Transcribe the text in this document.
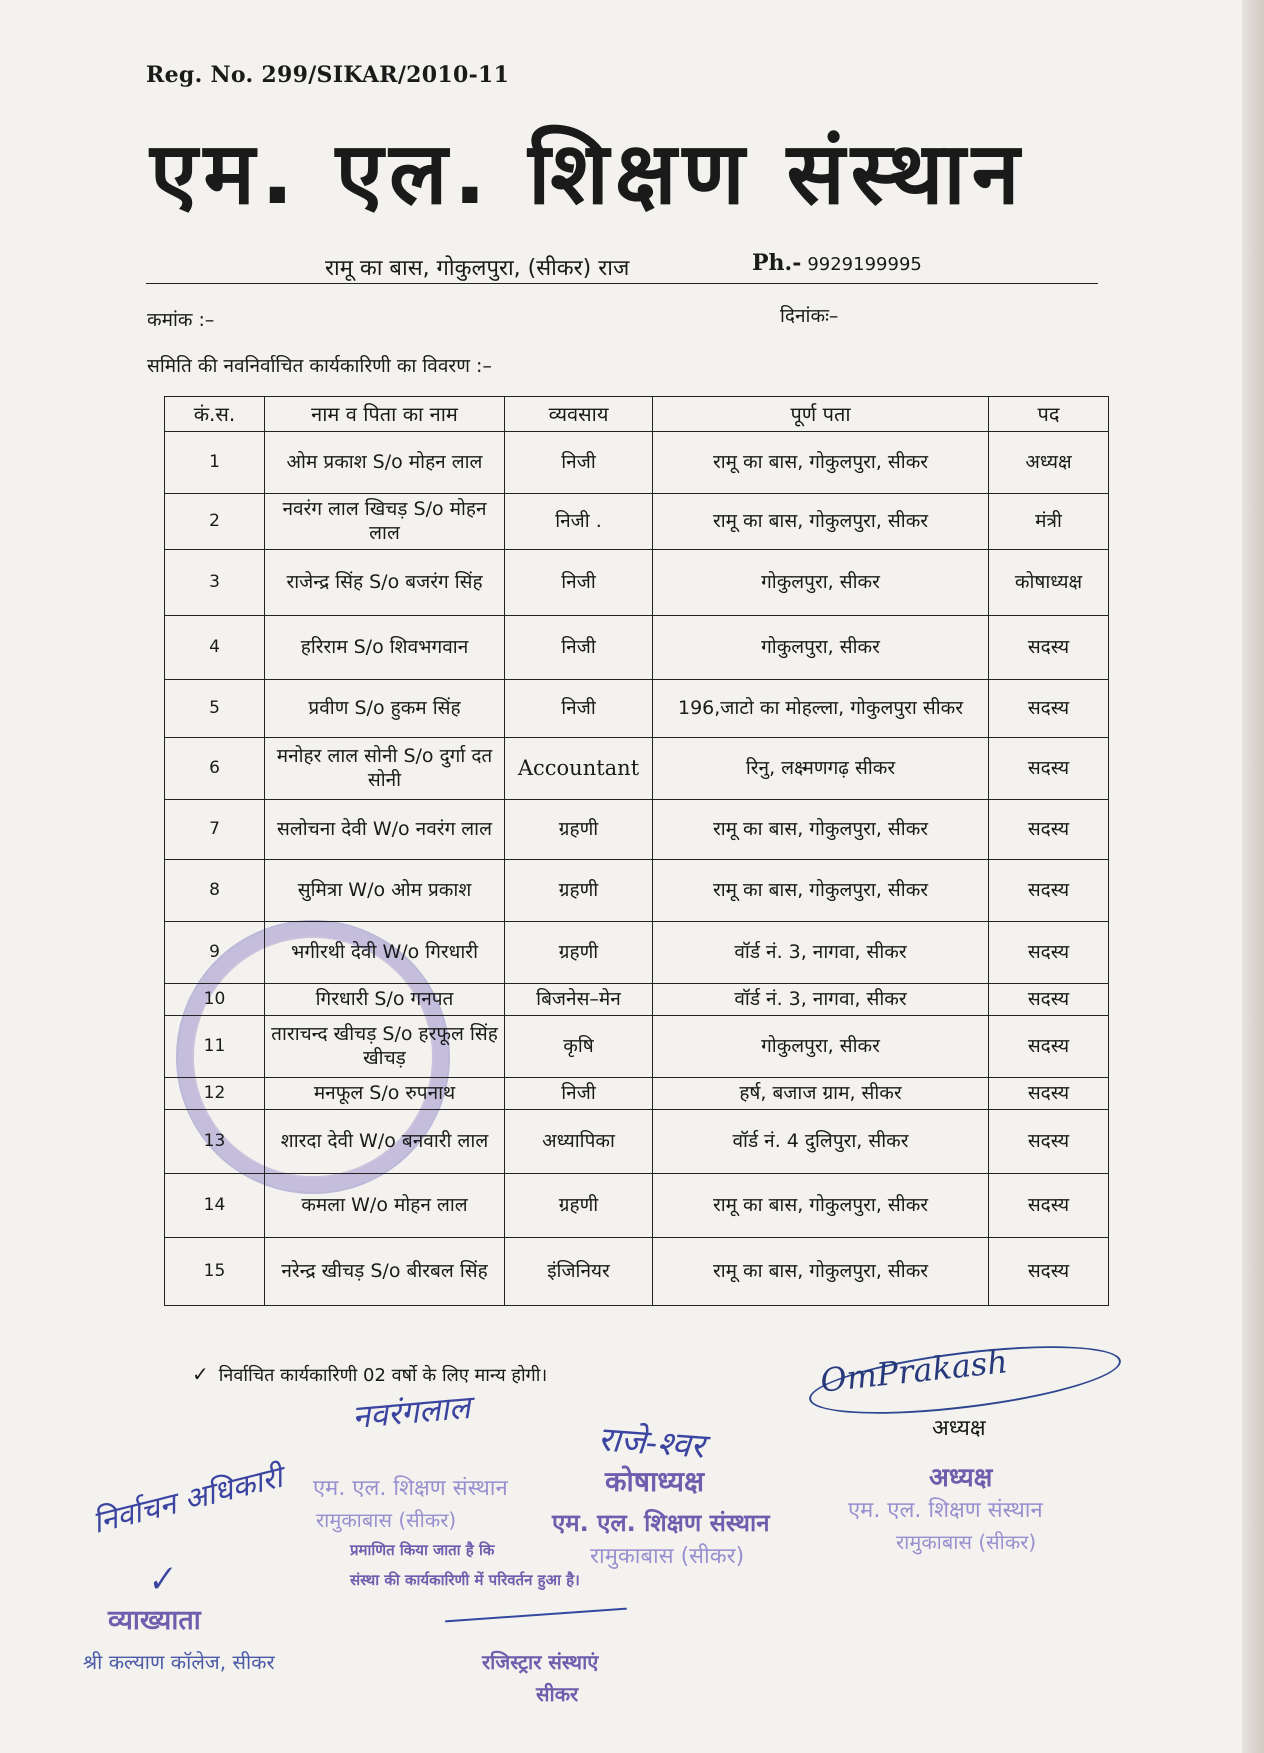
Reg. No. 299/SIKAR/2010-11
एम. एल. शिक्षण संस्थान
रामू का बास, गोकुलपुरा, (सीकर) राज	Ph.- 9929199995
कमांक :–	दिनांकः–
समिति की नवनिर्वाचित कार्यकारिणी का विवरण :–
कं.स.	नाम व पिता का नाम	व्यवसाय	पूर्ण पता	पद
1	ओम प्रकाश S/o मोहन लाल	निजी	रामू का बास, गोकुलपुरा, सीकर	अध्यक्ष
2	नवरंग लाल खिचड़ S/o मोहन लाल	निजी .	रामू का बास, गोकुलपुरा, सीकर	मंत्री
3	राजेन्द्र सिंह S/o बजरंग सिंह	निजी	गोकुलपुरा, सीकर	कोषाध्यक्ष
4	हरिराम S/o शिवभगवान	निजी	गोकुलपुरा, सीकर	सदस्य
5	प्रवीण S/o हुकम सिंह	निजी	196,जाटो का मोहल्ला, गोकुलपुरा सीकर	सदस्य
6	मनोहर लाल सोनी S/o दुर्गा दत सोनी	Accountant	रिनु, लक्ष्मणगढ़ सीकर	सदस्य
7	सलोचना देवी W/o नवरंग लाल	ग्रहणी	रामू का बास, गोकुलपुरा, सीकर	सदस्य
8	सुमित्रा W/o ओम प्रकाश	ग्रहणी	रामू का बास, गोकुलपुरा, सीकर	सदस्य
9	भगीरथी देवी W/o गिरधारी	ग्रहणी	वॉर्ड नं. 3, नागवा, सीकर	सदस्य
10	गिरधारी S/o गनपत	बिजनेस–मेन	वॉर्ड नं. 3, नागवा, सीकर	सदस्य
11	ताराचन्द खीचड़ S/o हरफूल सिंह खीचड़	कृषि	गोकुलपुरा, सीकर	सदस्य
12	मनफूल S/o रुपनाथ	निजी	हर्ष, बजाज ग्राम, सीकर	सदस्य
13	शारदा देवी W/o बनवारी लाल	अध्यापिका	वॉर्ड नं. 4 दुलिपुरा, सीकर	सदस्य
14	कमला W/o मोहन लाल	ग्रहणी	रामू का बास, गोकुलपुरा, सीकर	सदस्य
15	नरेन्द्र खीचड़ S/o बीरबल सिंह	इंजिनियर	रामू का बास, गोकुलपुरा, सीकर	सदस्य
✓ निर्वाचित कार्यकारिणी 02 वर्षो के लिए मान्य होगी।	OmPrakash
अध्यक्ष
नवरंगलाल
राजे-श्वर
एम. एल. शिक्षण संस्थान
रामुकाबास (सीकर)
कोषाध्यक्ष
एम. एल. शिक्षण संस्थान
रामुकाबास (सीकर)
अध्यक्ष
एम. एल. शिक्षण संस्थान
रामुकाबास (सीकर)
प्रमाणित किया जाता है कि
संस्था की कार्यकारिणी में परिवर्तन हुआ है।
रजिस्ट्रार संस्थाएं
सीकर
निर्वाचन अधिकारी
✓
व्याख्याता
श्री कल्याण कॉलेज, सीकर
